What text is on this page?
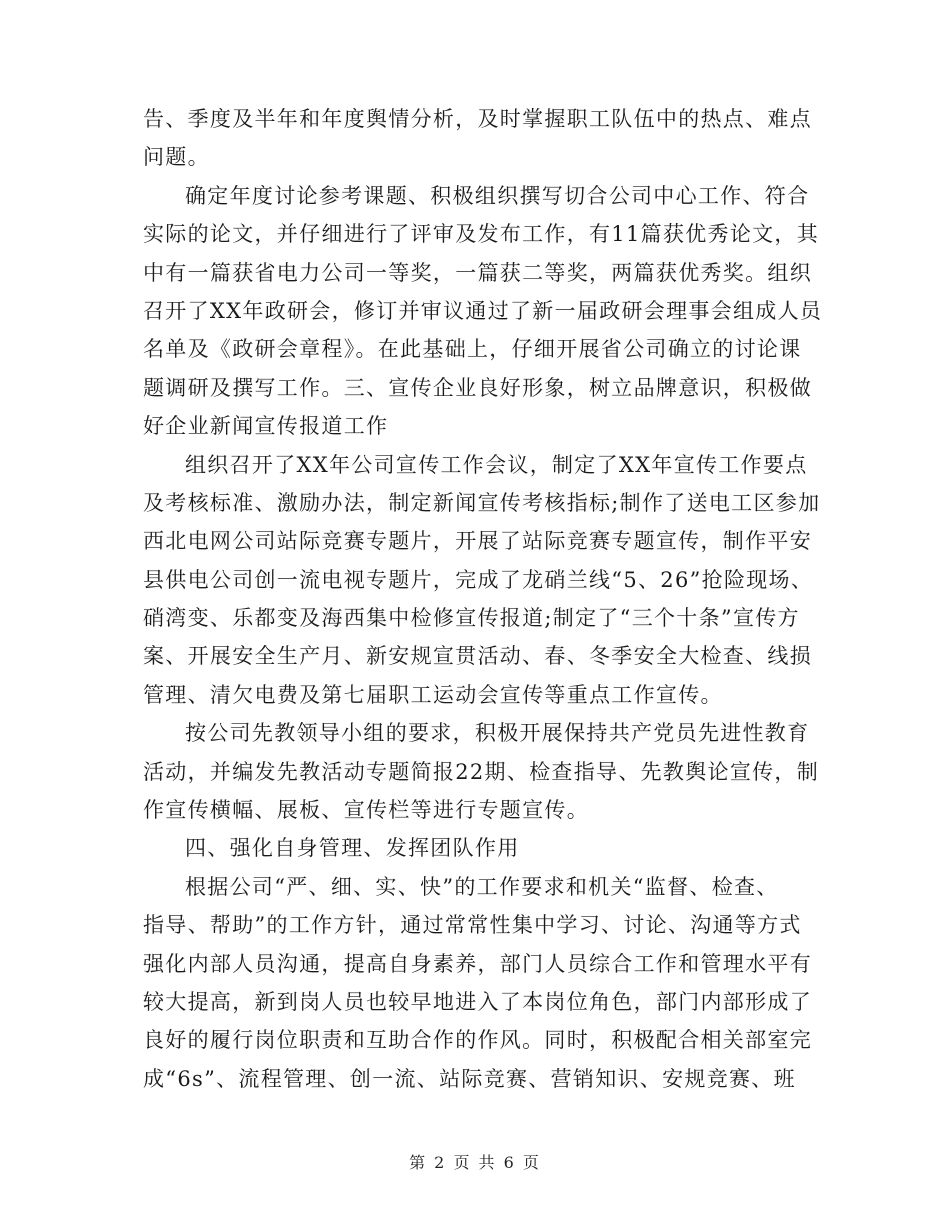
告、季度及半年和年度舆情分析，及时掌握职工队伍中的热点、难点
问题。
确定年度讨论参考课题、积极组织撰写切合公司中心工作、符合
实际的论文，并仔细进行了评审及发布工作，有11篇获优秀论文，其
中有一篇获省电力公司一等奖，一篇获二等奖，两篇获优秀奖。组织
召开了XX年政研会，修订并审议通过了新一届政研会理事会组成人员
名单及《政研会章程》。在此基础上，仔细开展省公司确立的讨论课
题调研及撰写工作。三、宣传企业良好形象，树立品牌意识，积极做
好企业新闻宣传报道工作
组织召开了XX年公司宣传工作会议，制定了XX年宣传工作要点
及考核标准、激励办法，制定新闻宣传考核指标;制作了送电工区参加
西北电网公司站际竞赛专题片，开展了站际竞赛专题宣传，制作平安
县供电公司创一流电视专题片，完成了龙硝兰线“5、26”抢险现场、
硝湾变、乐都变及海西集中检修宣传报道;制定了“三个十条”宣传方
案、开展安全生产月、新安规宣贯活动、春、冬季安全大检查、线损
管理、清欠电费及第七届职工运动会宣传等重点工作宣传。
按公司先教领导小组的要求，积极开展保持共产党员先进性教育
活动，并编发先教活动专题简报22期、检查指导、先教舆论宣传，制
作宣传横幅、展板、宣传栏等进行专题宣传。
四、强化自身管理、发挥团队作用
根据公司“严、细、实、快”的工作要求和机关“监督、检查、
指导、帮助”的工作方针，通过常常性集中学习、讨论、沟通等方式
强化内部人员沟通，提高自身素养，部门人员综合工作和管理水平有
较大提高，新到岗人员也较早地进入了本岗位角色，部门内部形成了
良好的履行岗位职责和互助合作的作风。同时，积极配合相关部室完
成“6s”、流程管理、创一流、站际竞赛、营销知识、安规竞赛、班
第 2 页 共 6 页
